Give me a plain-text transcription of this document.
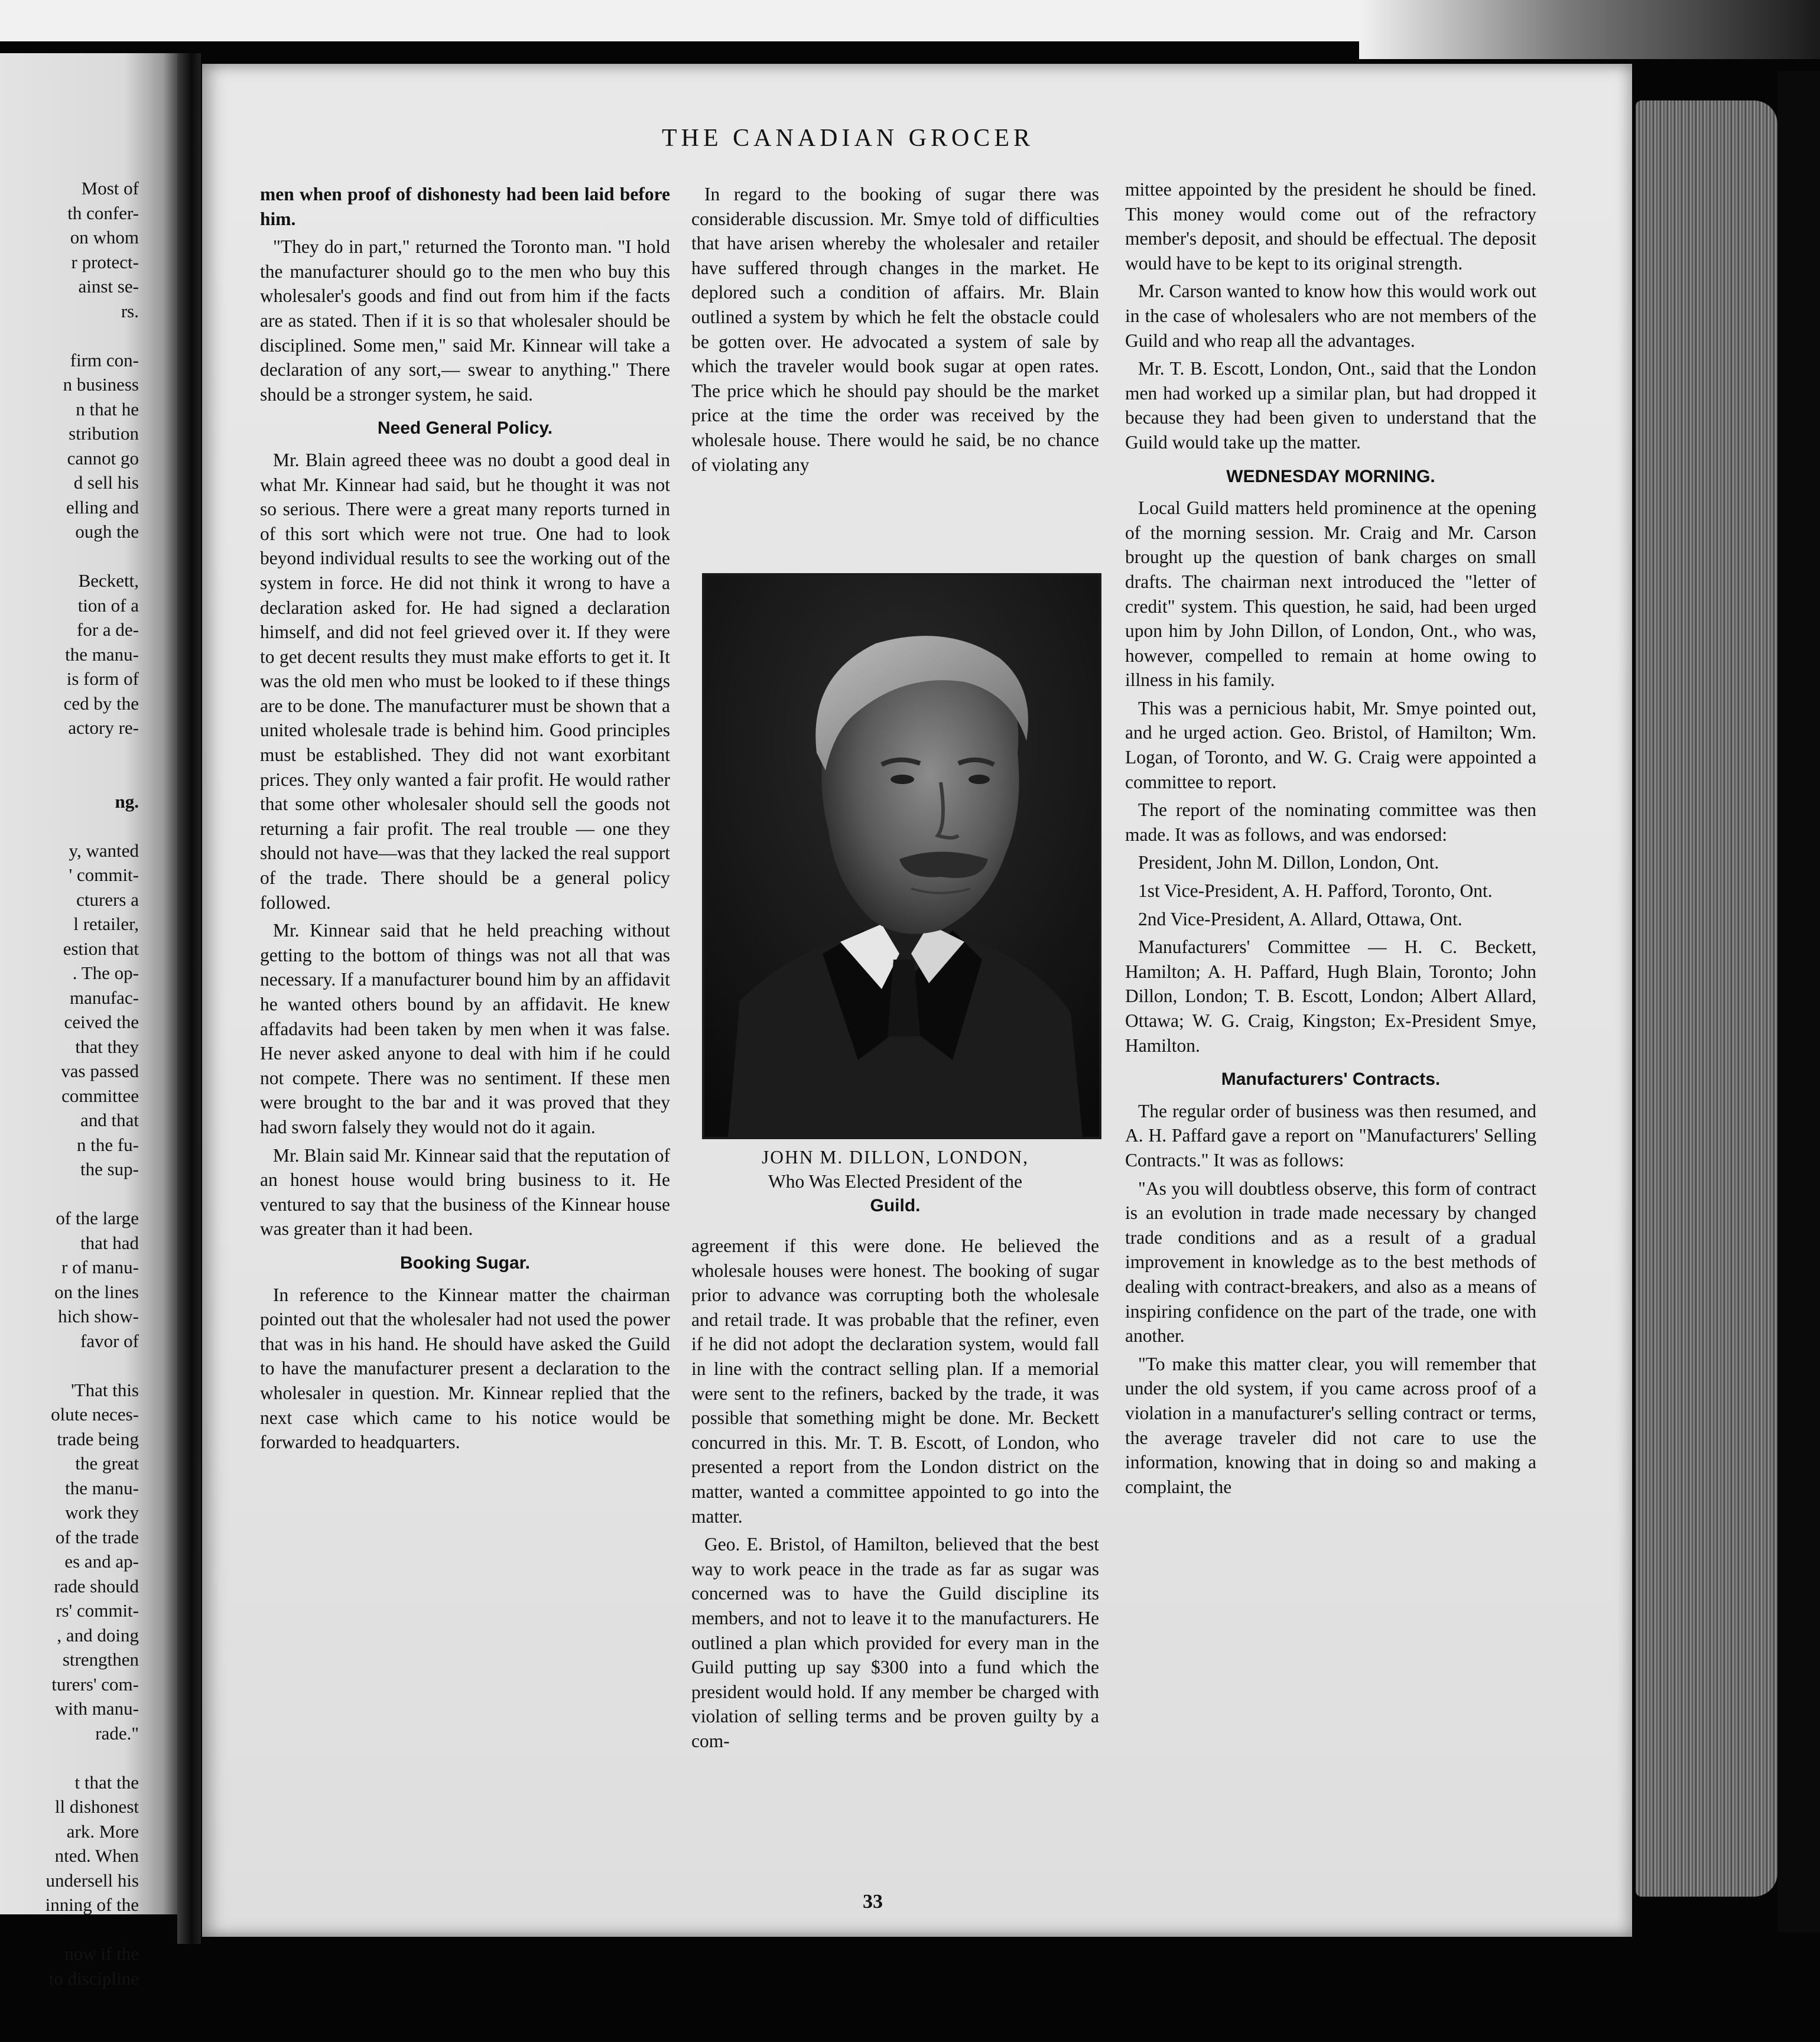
Most of
th confer-
on whom
r protect-
ainst se-
rs.
firm con-
n business
n that he
stribution
cannot go
d sell his
elling and
ough the
Beckett,
tion of a
for a de-
the manu-
is form of
ced by the
actory re-
ng.
y, wanted
' commit-
cturers a
l retailer,
estion that
. The op-
manufac-
ceived the
that they
vas passed
committee
and that
n the fu-
the sup-
of the large
that had
r of manu-
on the lines
hich show-
favor of
'That this
olute neces-
trade being
the great
the manu-
work they
of the trade
es and ap-
rade should
rs' commit-
, and doing
strengthen
turers' com-
with manu-
rade."
t that the
ll dishonest
ark. More
nted. When
undersell his
inning of the
now if the
to discipline
THE CANADIAN GROCER

men when proof of dishonesty had been laid before him.

"They do in part," returned the Toronto man. "I hold the manufacturer should go to the men who buy this wholesaler's goods and find out from him if the facts are as stated. Then if it is so that wholesaler should be disciplined. Some men," said Mr. Kinnear will take a declaration of any sort,— swear to anything." There should be a stronger system, he said.

Need General Policy.

Mr. Blain agreed theee was no doubt a good deal in what Mr. Kinnear had said, but he thought it was not so serious. There were a great many reports turned in of this sort which were not true. One had to look beyond individual results to see the working out of the system in force. He did not think it wrong to have a declaration asked for. He had signed a declaration himself, and did not feel grieved over it. If they were to get decent results they must make efforts to get it. It was the old men who must be looked to if these things are to be done. The manufacturer must be shown that a united wholesale trade is behind him. Good principles must be established. They did not want exorbitant prices. They only wanted a fair profit. He would rather that some other wholesaler should sell the goods not returning a fair profit. The real trouble — one they should not have—was that they lacked the real support of the trade. There should be a general policy followed.

Mr. Kinnear said that he held preaching without getting to the bottom of things was not all that was necessary. If a manufacturer bound him by an affidavit he wanted others bound by an affidavit. He knew affadavits had been taken by men when it was false. He never asked anyone to deal with him if he could not compete. There was no sentiment. If these men were brought to the bar and it was proved that they had sworn falsely they would not do it again.

Mr. Blain said Mr. Kinnear said that the reputation of an honest house would bring business to it. He ventured to say that the business of the Kinnear house was greater than it had been.

Booking Sugar.

In reference to the Kinnear matter the chairman pointed out that the wholesaler had not used the power that was in his hand. He should have asked the Guild to have the manufacturer present a declaration to the wholesaler in question. Mr. Kinnear replied that the next case which came to his notice would be forwarded to headquarters.

In regard to the booking of sugar there was considerable discussion. Mr. Smye told of difficulties that have arisen whereby the wholesaler and retailer have suffered through changes in the market. He deplored such a condition of affairs. Mr. Blain outlined a system by which he felt the obstacle could be gotten over. He advocated a system of sale by which the traveler would book sugar at open rates. The price which he should pay should be the market price at the time the order was received by the wholesale house. There would he said, be no chance of violating any

JOHN M. DILLON, LONDON,
Who Was Elected President of the
Guild.

agreement if this were done. He believed the wholesale houses were honest. The booking of sugar prior to advance was corrupting both the wholesale and retail trade. It was probable that the refiner, even if he did not adopt the declaration system, would fall in line with the contract selling plan. If a memorial were sent to the refiners, backed by the trade, it was possible that something might be done. Mr. Beckett concurred in this. Mr. T. B. Escott, of London, who presented a report from the London district on the matter, wanted a committee appointed to go into the matter.

Geo. E. Bristol, of Hamilton, believed that the best way to work peace in the trade as far as sugar was concerned was to have the Guild discipline its members, and not to leave it to the manufacturers. He outlined a plan which provided for every man in the Guild putting up say $300 into a fund which the president would hold. If any member be charged with violation of selling terms and be proven guilty by a com-

mittee appointed by the president he should be fined. This money would come out of the refractory member's deposit, and should be effectual. The deposit would have to be kept to its original strength.

Mr. Carson wanted to know how this would work out in the case of wholesalers who are not members of the Guild and who reap all the advantages.

Mr. T. B. Escott, London, Ont., said that the London men had worked up a similar plan, but had dropped it because they had been given to understand that the Guild would take up the matter.

WEDNESDAY MORNING.

Local Guild matters held prominence at the opening of the morning session. Mr. Craig and Mr. Carson brought up the question of bank charges on small drafts. The chairman next introduced the "letter of credit" system. This question, he said, had been urged upon him by John Dillon, of London, Ont., who was, however, compelled to remain at home owing to illness in his family.

This was a pernicious habit, Mr. Smye pointed out, and he urged action. Geo. Bristol, of Hamilton; Wm. Logan, of Toronto, and W. G. Craig were appointed a committee to report.

The report of the nominating committee was then made. It was as follows, and was endorsed:

President, John M. Dillon, London, Ont.

1st Vice-President, A. H. Pafford, Toronto, Ont.

2nd Vice-President, A. Allard, Ottawa, Ont.

Manufacturers' Committee — H. C. Beckett, Hamilton; A. H. Paffard, Hugh Blain, Toronto; John Dillon, London; T. B. Escott, London; Albert Allard, Ottawa; W. G. Craig, Kingston; Ex-President Smye, Hamilton.

Manufacturers' Contracts.

The regular order of business was then resumed, and A. H. Paffard gave a report on "Manufacturers' Selling Contracts." It was as follows:

"As you will doubtless observe, this form of contract is an evolution in trade made necessary by changed trade conditions and as a result of a gradual improvement in knowledge as to the best methods of dealing with contract-breakers, and also as a means of inspiring confidence on the part of the trade, one with another.

"To make this matter clear, you will remember that under the old system, if you came across proof of a violation in a manufacturer's selling contract or terms, the average traveler did not care to use the information, knowing that in doing so and making a complaint, the

33
